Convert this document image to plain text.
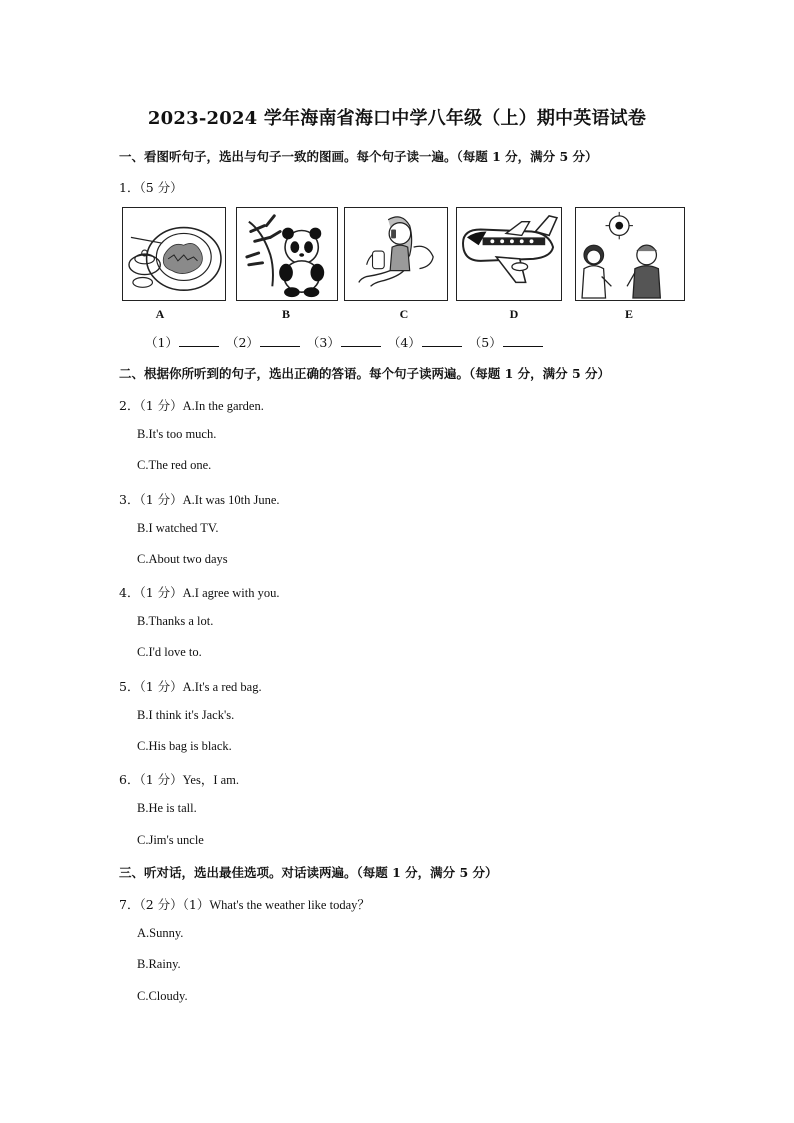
2023-2024 学年海南省海口中学八年级（上）期中英语试卷
一、看图听句子，选出与句子一致的图画。每个句子读一遍。（每题 1 分，满分 5 分）
1．（5 分）
A	B	C	D	E
（1）	（2）	（3）	（4）	（5）
二、根据你所听到的句子，选出正确的答语。每个句子读两遍。（每题 1 分，满分 5 分）
2．（1 分）A.In the garden.
B.It's too much.
C.The red one.
3．（1 分）A.It was 10th June.
B.I watched TV.
C.About two days
4．（1 分）A.I agree with you.
B.Thanks a lot.
C.I'd love to.
5．（1 分）A.It's a red bag.
B.I think it's Jack's.
C.His bag is black.
6．（1 分）Yes，I am.
B.He is tall.
C.Jim's uncle
三、听对话，选出最佳选项。对话读两遍。（每题 1 分，满分 5 分）
7．（2 分）（1）What's the weather like today？
A.Sunny.
B.Rainy.
C.Cloudy.
